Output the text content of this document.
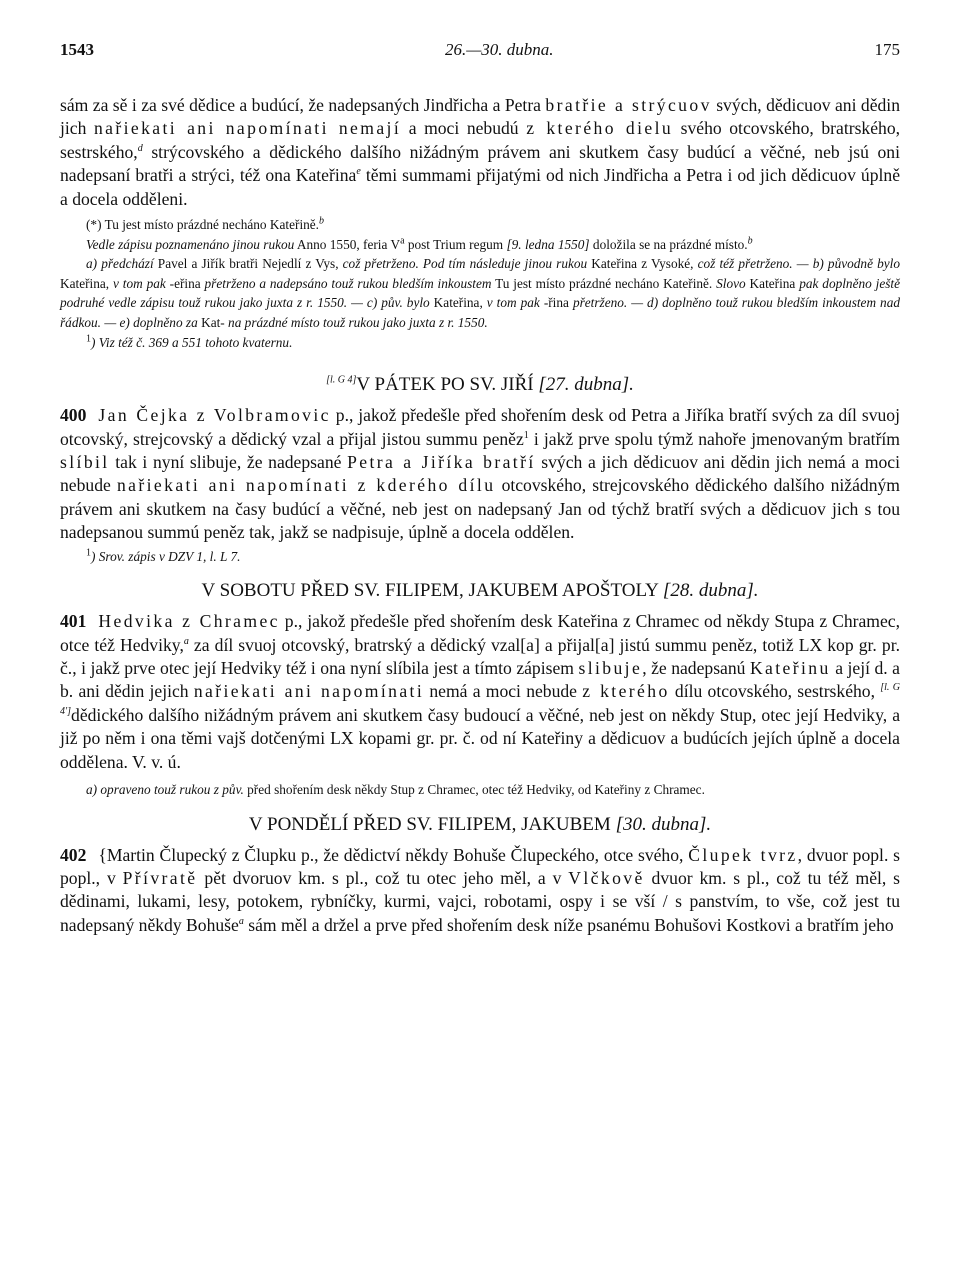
1543	26.—30. dubna.	175

sám za sě i za své dědice a budúcí, že nadepsaných Jindřicha a Petra bratřie a strýcuov svých, dědicuov ani dědin jich nařiekati ani napomínati nemají a moci nebudú z kterého dielu svého otcovského, bratrského, sestrského,$^d$ strýcovského a dědického dalšího nižádným právem ani skutkem časy budúcí a věčné, neb jsú oni nadepsaní bratři a strýci, též ona Kateřina$^e$ těmi summami přijatými od nich Jindřicha a Petra i od jich dědicuov úplně a docela odděleni.

(*) Tu jest místo prázdné necháno Kateřině.$^b$

Vedle zápisu poznamenáno jinou rukou Anno 1550, feria $V^a$ post Trium regum [9. ledna 1550] doložila se na prázdné místo.$^b$

a) předchází Pavel a Jiřík bratři Nejedlí z Vys, což přetrženo. Pod tím následuje jinou rukou Kateřina z Vysoké, což též přetrženo. — b) původně bylo Kateřina, v tom pak -eřina přetrženo a nadepsáno touž rukou bledším inkoustem Tu jest místo prázdné necháno Kateřině. Slovo Kateřina pak doplněno ještě podruhé vedle zápisu touž rukou jako juxta z r. 1550. — c) pův. bylo Kateřina, v tom pak -řina přetrženo. — d) doplněno touž rukou bledším inkoustem nad řádkou. — e) doplněno za Kat- na prázdné místo touž rukou jako juxta z r. 1550.

$^1$) Viz též č. 369 a 551 tohoto kvaternu.

[l. G 4]V PÁTEK PO SV. JIŘÍ [27. dubna].

400 Jan Čejka z Volbramovic p., jakož předešle před shořením desk od Petra a Jiříka bratří svých za díl svuoj otcovský, strejcovský a dědický vzal a přijal jistou summu peněz$^1$ i jakž prve spolu týmž nahoře jmenovaným bratřím slíbil tak i nyní slibuje, že nadepsané Petra a Jiříka bratří svých a jich dědicuov ani dědin jich nemá a moci nebude nařiekati ani napomínati z kderého dílu otcovského, strejcovského dědického dalšího nižádným právem ani skutkem na časy budúcí a věčné, neb jest on nadepsaný Jan od týchž bratří svých a dědicuov jich s tou nadepsanou summú peněz tak, jakž se nadpisuje, úplně a docela oddělen.

$^1$) Srov. zápis v DZV 1, l. L 7.

V SOBOTU PŘED SV. FILIPEM, JAKUBEM APOŠTOLY [28. dubna].

401 Hedvika z Chramec p., jakož předešle před shořením desk Kateřina z Chramec od někdy Stupa z Chramec, otce též Hedviky,$^a$ za díl svuoj otcovský, bratrský a dědický vzal[a] a přijal[a] jistú summu peněz, totiž LX kop gr. pr. č., i jakž prve otec její Hedviky též i ona nyní slíbila jest a tímto zápisem slibuje, že nadepsanú Kateřinu a její d. a b. ani dědin jejich nařiekati ani napomínati nemá a moci nebude z kterého dílu otcovského, sestrského, [l. G 4']dědického dalšího nižádným právem ani skutkem časy budoucí a věčné, neb jest on někdy Stup, otec její Hedviky, a již po něm i ona těmi vajš dotčenými LX kopami gr. pr. č. od ní Kateřiny a dědicuov a budúcích jejích úplně a docela oddělena. V. v. ú.

a) opraveno touž rukou z pův. před shořením desk někdy Stup z Chramec, otec též Hedviky, od Kateřiny z Chramec.

V PONDĚLÍ PŘED SV. FILIPEM, JAKUBEM [30. dubna].

402 {Martin Člupecký z Člupku p., že dědictví někdy Bohuše Člupeckého, otce svého, Člupek tvrz, dvuor popl. s popl., v Přívratě pět dvoruov km. s pl., což tu otec jeho měl, a v Vlčkově dvuor km. s pl., což tu též měl, s dědinami, lukami, lesy, potokem, rybníčky, kurmi, vajci, robotami, ospy i se vší / s panstvím, to vše, což jest tu nadepsaný někdy Bohuše$^a$ sám měl a držel a prve před shořením desk níže psanému Bohušovi Kostkovi a bratřím jeho
